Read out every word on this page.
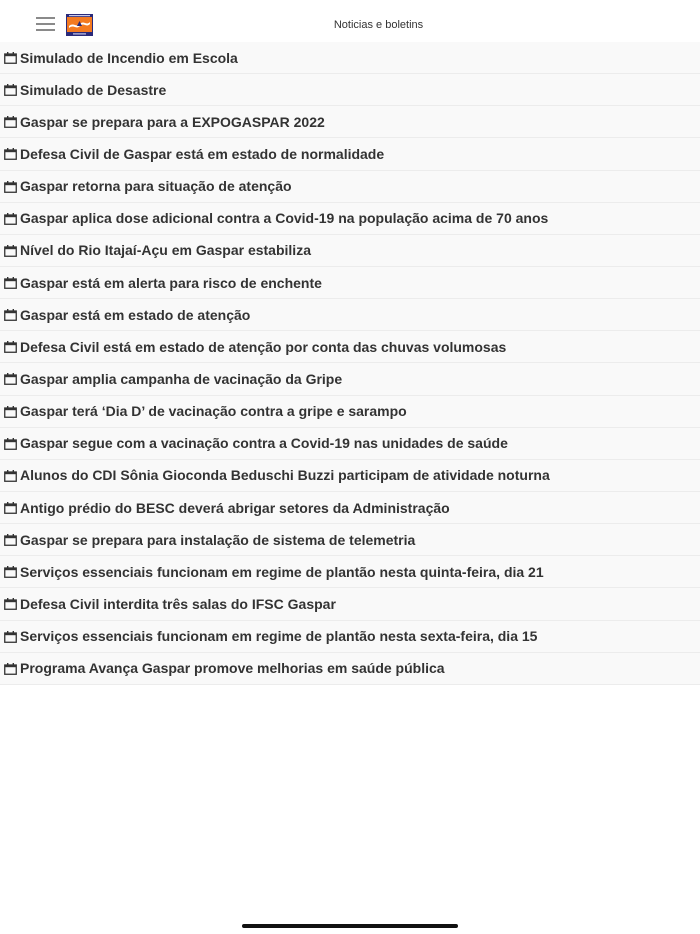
Noticias e boletins
Simulado de Incendio em Escola
Simulado de Desastre
Gaspar se prepara para a EXPOGASPAR 2022
Defesa Civil de Gaspar está em estado de normalidade
Gaspar retorna para situação de atenção
Gaspar aplica dose adicional contra a Covid-19 na população acima de 70 anos
Nível do Rio Itajaí-Açu em Gaspar estabiliza
Gaspar está em alerta para risco de enchente
Gaspar está em estado de atenção
Defesa Civil está em estado de atenção por conta das chuvas volumosas
Gaspar amplia campanha de vacinação da Gripe
Gaspar terá ‘Dia D’ de vacinação contra a gripe e sarampo
Gaspar segue com a vacinação contra a Covid-19 nas unidades de saúde
Alunos do CDI Sônia Gioconda Beduschi Buzzi participam de atividade noturna
Antigo prédio do BESC deverá abrigar setores da Administração
Gaspar se prepara para instalação de sistema de telemetria
Serviços essenciais funcionam em regime de plantão nesta quinta-feira, dia 21
Defesa Civil interdita três salas do IFSC Gaspar
Serviços essenciais funcionam em regime de plantão nesta sexta-feira, dia 15
Programa Avança Gaspar promove melhorias em saúde pública
